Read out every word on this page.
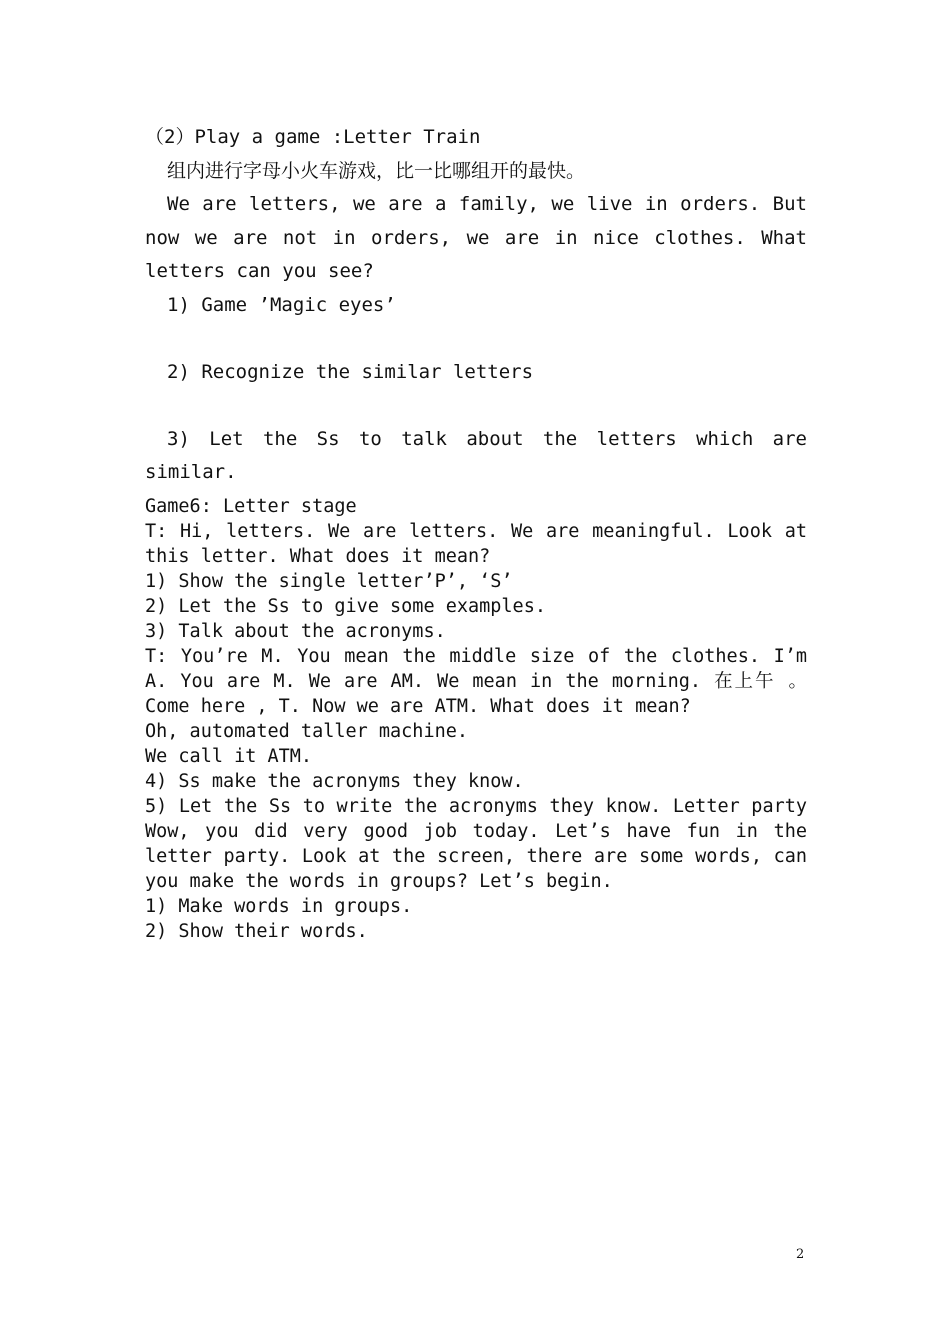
（2）Play a game :Letter Train
组内进行字母小火车游戏，比一比哪组开的最快。
We are letters, we are a family, we live in orders. But
now we are not in orders, we are in nice clothes. What
letters can you see?
1) Game ’Magic eyes’
2) Recognize the similar letters
3) Let the Ss to talk about the letters which are
similar.
Game6: Letter stage
T: Hi, letters. We are letters. We are meaningful. Look at
this letter. What does it mean?
1) Show the single letter’P’, ‘S’
2) Let the Ss to give some examples.
3) Talk about the acronyms.
T: You’re M. You mean the middle size of the clothes. I’m
A. You are M. We are AM. We mean in the morning. 在上午 。
Come here , T. Now we are ATM. What does it mean?
Oh, automated taller machine.
We call it ATM.
4) Ss make the acronyms they know.
5) Let the Ss to write the acronyms they know. Letter party
Wow, you did very good job today. Let’s have fun in the
letter party. Look at the screen, there are some words, can
you make the words in groups? Let’s begin.
1) Make words in groups.
2) Show their words.
2
